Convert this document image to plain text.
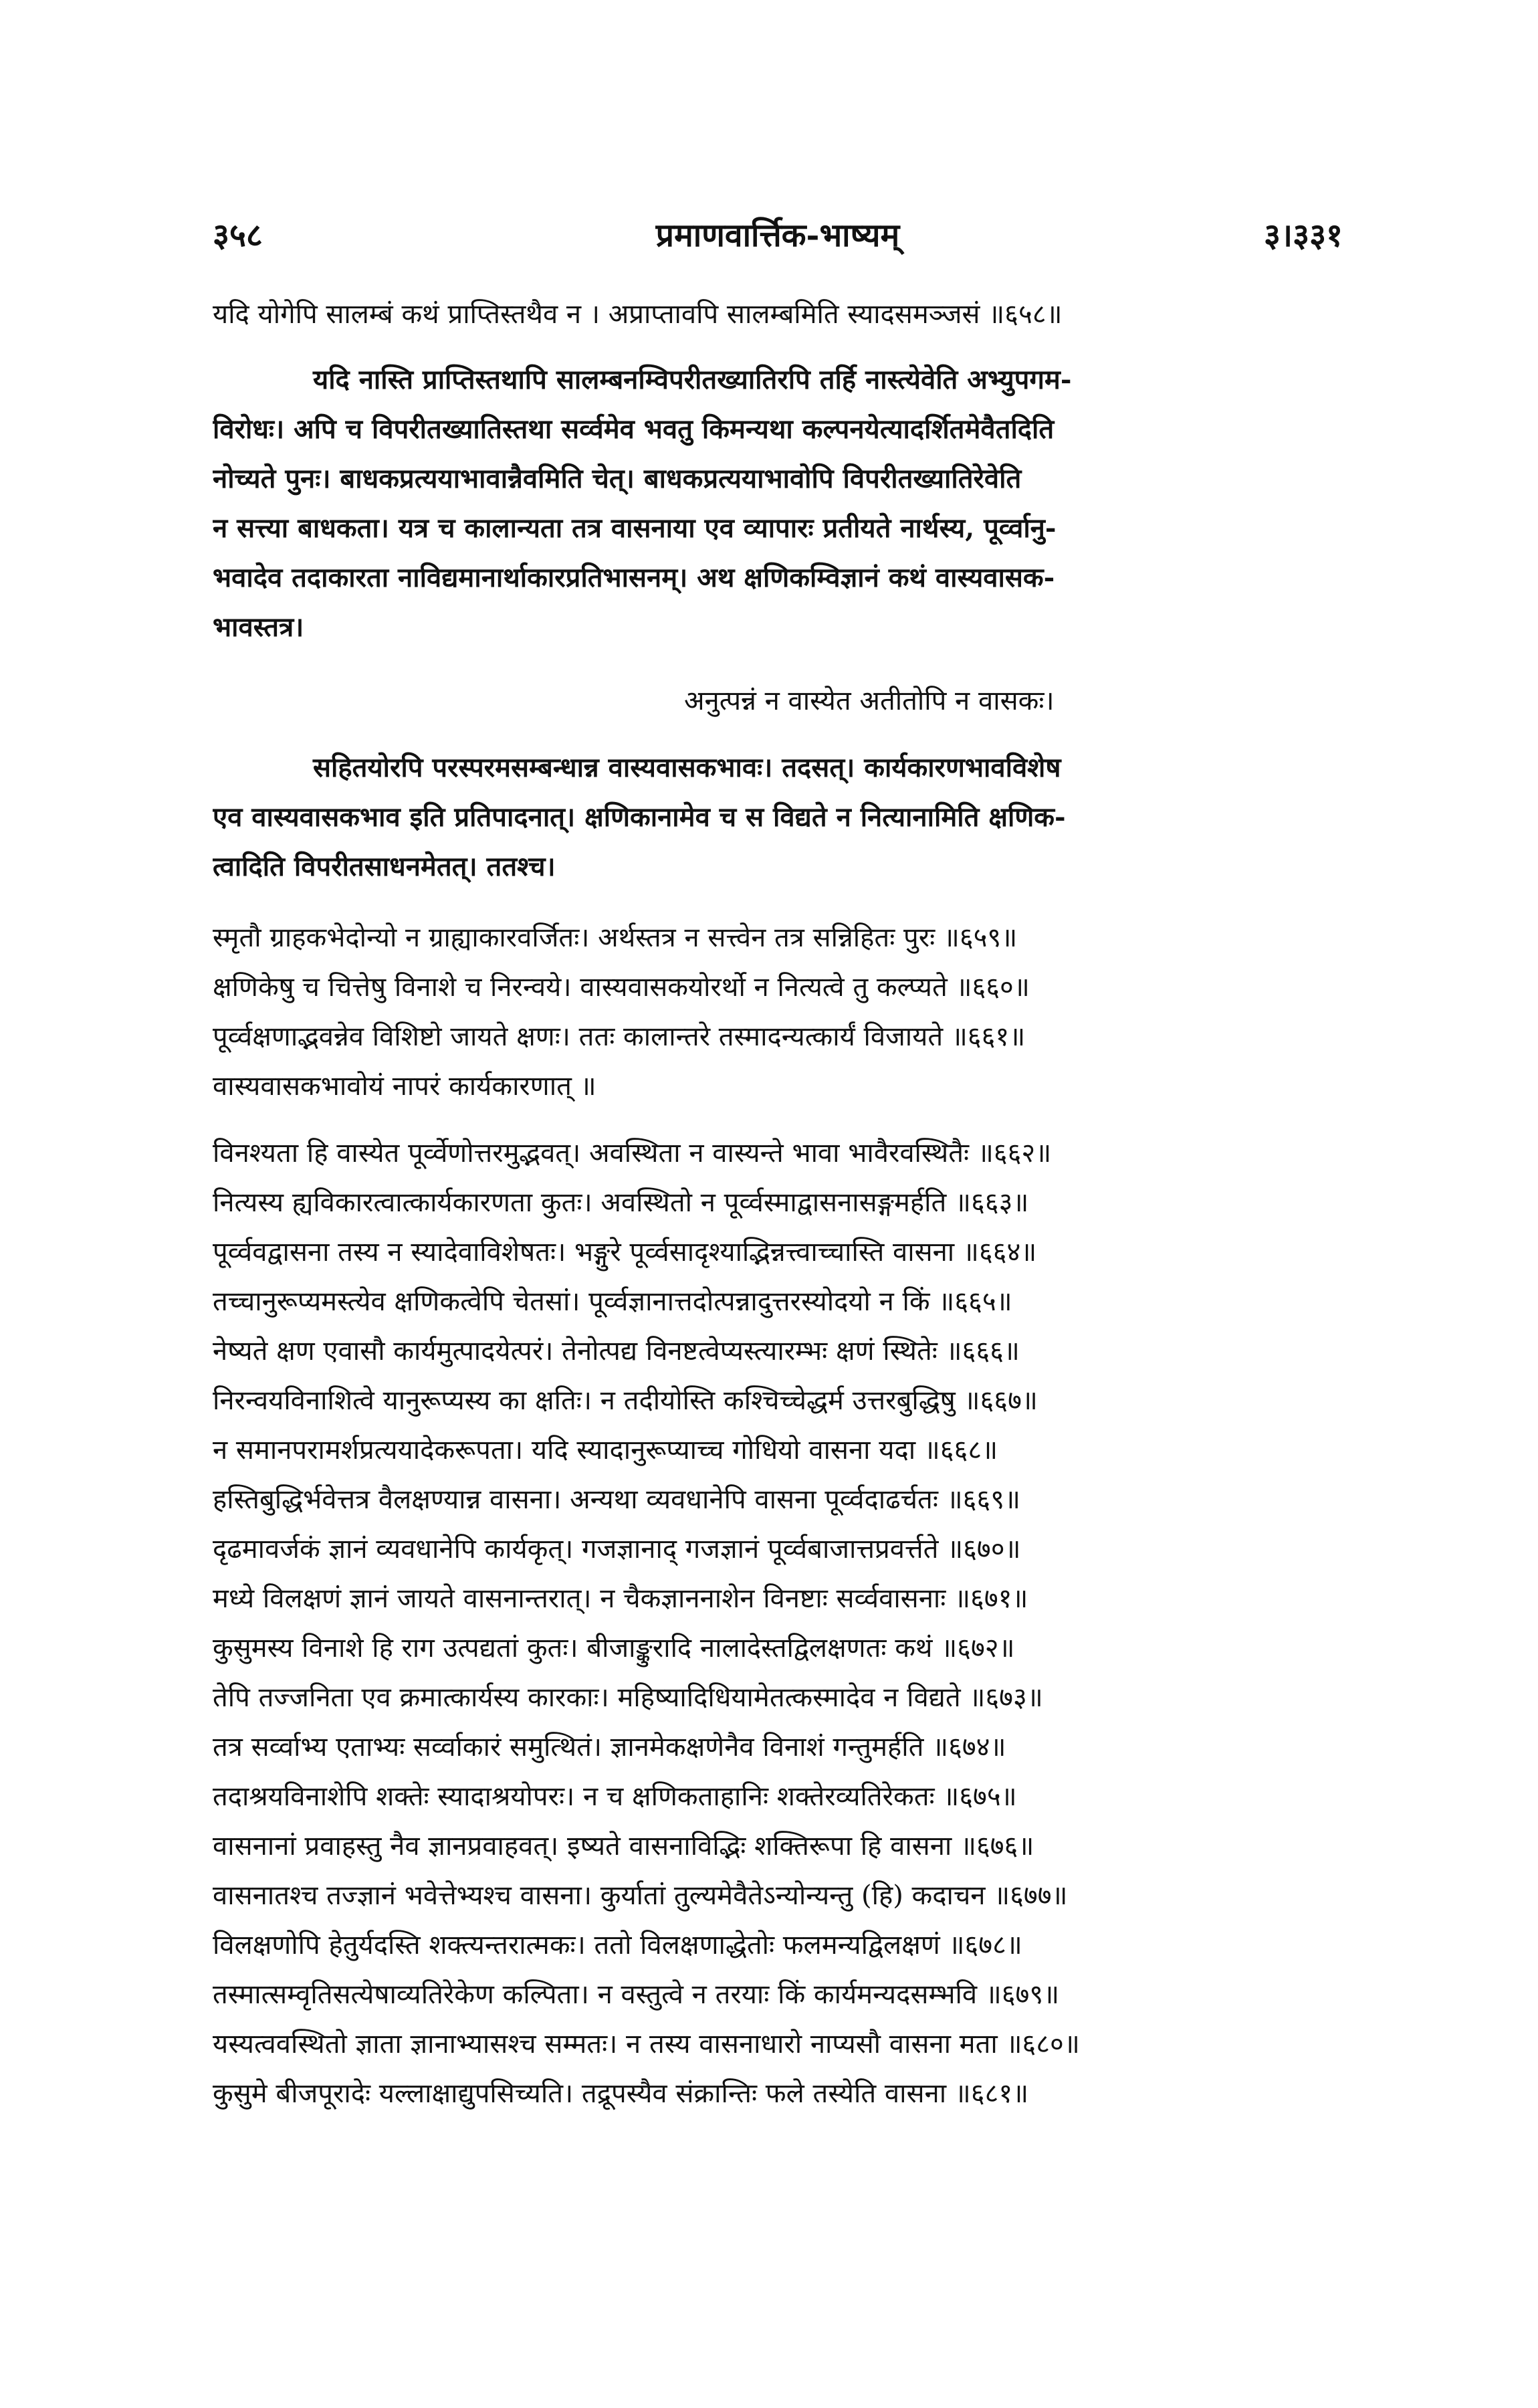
३५८	प्रमाणवार्त्तिक-भाष्यम्	३।३३१
यदि योगेपि सालम्बं कथं प्राप्तिस्तथैव न । अप्राप्तावपि सालम्बमिति स्यादसमञ्जसं ॥६५८॥
यदि नास्ति प्राप्तिस्तथापि सालम्बनम्विपरीतख्यातिरपि तर्हि नास्त्येवेति अभ्युपगम-
विरोधः। अपि च विपरीतख्यातिस्तथा सर्व्वमेव भवतु किमन्यथा कल्पनयेत्यादर्शितमेवैतदिति
नोच्यते पुनः। बाधकप्रत्ययाभावान्नैवमिति चेत्। बाधकप्रत्ययाभावोपि विपरीतख्यातिरेवेति
न सत्त्या बाधकता। यत्र च कालान्यता तत्र वासनाया एव व्यापारः प्रतीयते नार्थस्य, पूर्व्वानु-
भवादेव तदाकारता नाविद्यमानार्थाकारप्रतिभासनम्। अथ क्षणिकम्विज्ञानं कथं वास्यवासक-
भावस्तत्र।
अनुत्पन्नं न वास्येत अतीतोपि न वासकः।
सहितयोरपि परस्परमसम्बन्धान्न वास्यवासकभावः। तदसत्। कार्यकारणभावविशेष
एव वास्यवासकभाव इति प्रतिपादनात्। क्षणिकानामेव च स विद्यते न नित्यानामिति क्षणिक-
त्वादिति विपरीतसाधनमेतत्। ततश्च।
स्मृतौ ग्राहकभेदोन्यो न ग्राह्याकारवर्जितः। अर्थस्तत्र न सत्त्वेन तत्र सन्निहितः पुरः ॥६५९॥
क्षणिकेषु च चित्तेषु विनाशे च निरन्वये। वास्यवासकयोरर्थो न नित्यत्वे तु कल्प्यते ॥६६०॥
पूर्व्वक्षणाद्भवन्नेव विशिष्टो जायते क्षणः। ततः कालान्तरे तस्मादन्यत्कार्यं विजायते ॥६६१॥
वास्यवासकभावोयं नापरं कार्यकारणात् ॥
विनश्यता हि वास्येत पूर्व्वेणोत्तरमुद्भवत्। अवस्थिता न वास्यन्ते भावा भावैरवस्थितैः ॥६६२॥
नित्यस्य ह्यविकारत्वात्कार्यकारणता कुतः। अवस्थितो न पूर्व्वस्माद्वासनासङ्गमर्हति ॥६६३॥
पूर्व्ववद्वासना तस्य न स्यादेवाविशेषतः। भङ्गुरे पूर्व्वसादृश्याद्भिन्नत्त्वाच्चास्ति वासना ॥६६४॥
तच्चानुरूप्यमस्त्येव क्षणिकत्वेपि चेतसां। पूर्व्वज्ञानात्तदोत्पन्नादुत्तरस्योदयो न किं ॥६६५॥
नेष्यते क्षण एवासौ कार्यमुत्पादयेत्परं। तेनोत्पद्य विनष्टत्वेप्यस्त्यारम्भः क्षणं स्थितेः ॥६६६॥
निरन्वयविनाशित्वे यानुरूप्यस्य का क्षतिः। न तदीयोस्ति कश्चिच्चेद्धर्म उत्तरबुद्धिषु ॥६६७॥
न समानपरामर्शप्रत्ययादेकरूपता। यदि स्यादानुरूप्याच्च गोधियो वासना यदा ॥६६८॥
हस्तिबुद्धिर्भवेत्तत्र वैलक्षण्यान्न वासना। अन्यथा व्यवधानेपि वासना पूर्व्वदाढर्चतः ॥६६९॥
दृढमावर्जकं ज्ञानं व्यवधानेपि कार्यकृत्। गजज्ञानाद् गजज्ञानं पूर्व्वबाजात्तप्रवर्त्तते ॥६७०॥
मध्ये विलक्षणं ज्ञानं जायते वासनान्तरात्। न चैकज्ञाननाशेन विनष्टाः सर्व्ववासनाः ॥६७१॥
कुसुमस्य विनाशे हि राग उत्पद्यतां कुतः। बीजाङ्कुरादि नालादेस्तद्विलक्षणतः कथं ॥६७२॥
तेपि तज्जनिता एव क्रमात्कार्यस्य कारकाः। महिष्यादिधियामेतत्कस्मादेव न विद्यते ॥६७३॥
तत्र सर्व्वाभ्य एताभ्यः सर्व्वाकारं समुत्थितं। ज्ञानमेकक्षणेनैव विनाशं गन्तुमर्हति ॥६७४॥
तदाश्रयविनाशेपि शक्तेः स्यादाश्रयोपरः। न च क्षणिकताहानिः शक्तेरव्यतिरेकतः ॥६७५॥
वासनानां प्रवाहस्तु नैव ज्ञानप्रवाहवत्। इष्यते वासनाविद्भिः शक्तिरूपा हि वासना ॥६७६॥
वासनातश्च तज्ज्ञानं भवेत्तेभ्यश्च वासना। कुर्यातां तुल्यमेवैतेऽन्योन्यन्तु (हि) कदाचन ॥६७७॥
विलक्षणोपि हेतुर्यदस्ति शक्त्यन्तरात्मकः। ततो विलक्षणाद्धेतोः फलमन्यद्विलक्षणं ॥६७८॥
तस्मात्सम्वृतिसत्येषाव्यतिरेकेण कल्पिता। न वस्तुत्वे न तरयाः किं कार्यमन्यदसम्भवि ॥६७९॥
यस्यत्ववस्थितो ज्ञाता ज्ञानाभ्यासश्च सम्मतः। न तस्य वासनाधारो नाप्यसौ वासना मता ॥६८०॥
कुसुमे बीजपूरादेः यल्लाक्षाद्युपसिच्यति। तद्रूपस्यैव संक्रान्तिः फले तस्येति वासना ॥६८१॥
